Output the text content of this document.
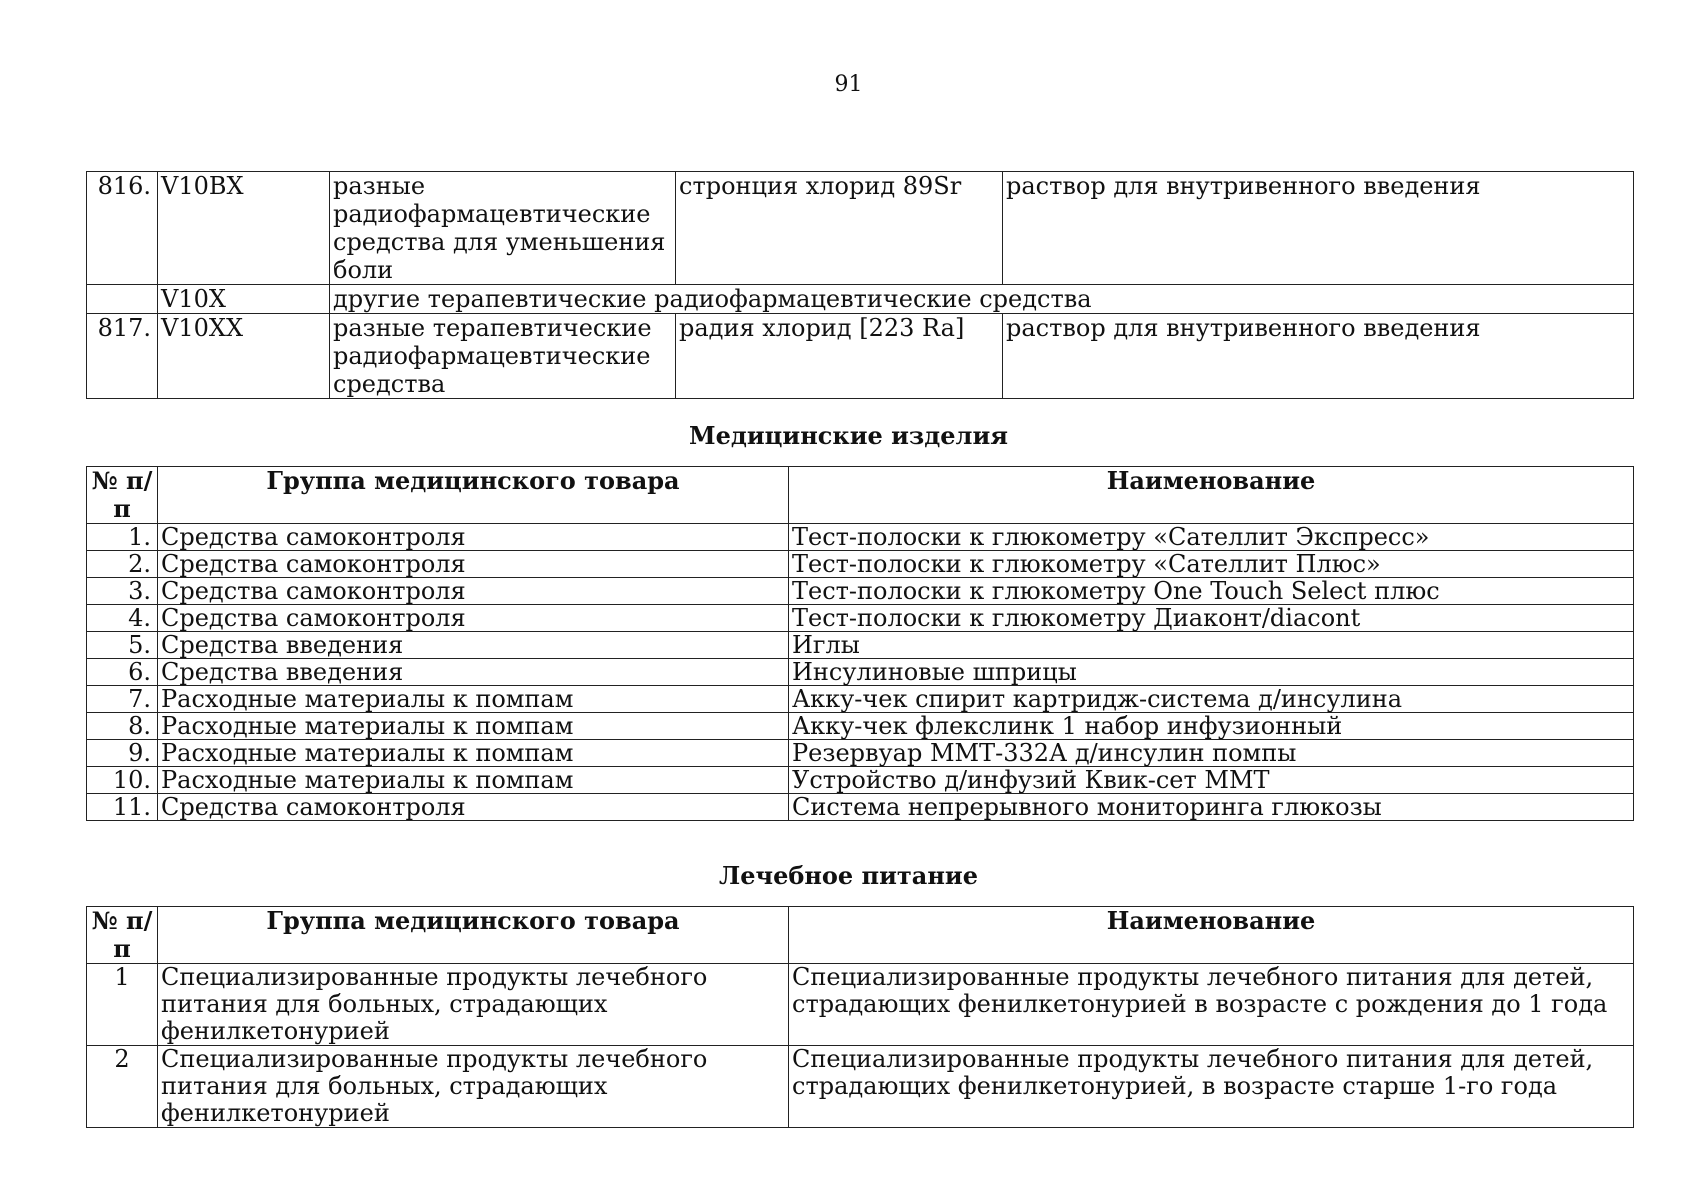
91
816.	V10BX	разные радиофармацевтические средства для уменьшения боли	стронция хлорид 89Sr	раствор для внутривенного введения
	V10X	другие терапевтические радиофармацевтические средства		
817.	V10XX	разные терапевтические радиофармацевтические средства	радия хлорид [223 Ra]	раствор для внутривенного введения
Медицинские изделия
№ п/п	Группа медицинского товара	Наименование
1.	Средства самоконтроля	Тест-полоски к глюкометру «Сателлит Экспресс»
2.	Средства самоконтроля	Тест-полоски к глюкометру «Сателлит Плюс»
3.	Средства самоконтроля	Тест-полоски к глюкометру One Touch Select плюс
4.	Средства самоконтроля	Тест-полоски к глюкометру Диаконт/diacont
5.	Средства введения	Иглы
6.	Средства введения	Инсулиновые шприцы
7.	Расходные материалы к помпам	Акку-чек спирит картридж-система д/инсулина
8.	Расходные материалы к помпам	Акку-чек флекслинк 1 набор инфузионный
9.	Расходные материалы к помпам	Резервуар ММТ-332А д/инсулин помпы
10.	Расходные материалы к помпам	Устройство д/инфузий Квик-сет ММТ
11.	Средства самоконтроля	Система непрерывного мониторинга глюкозы
Лечебное питание
№ п/п	Группа медицинского товара	Наименование
1	Специализированные продукты лечебного питания для больных, страдающих фенилкетонурией	Специализированные продукты лечебного питания для детей, страдающих фенилкетонурией в возрасте с рождения до 1 года
2	Специализированные продукты лечебного питания для больных, страдающих фенилкетонурией	Специализированные продукты лечебного питания для детей, страдающих фенилкетонурией, в возрасте старше 1-го года
